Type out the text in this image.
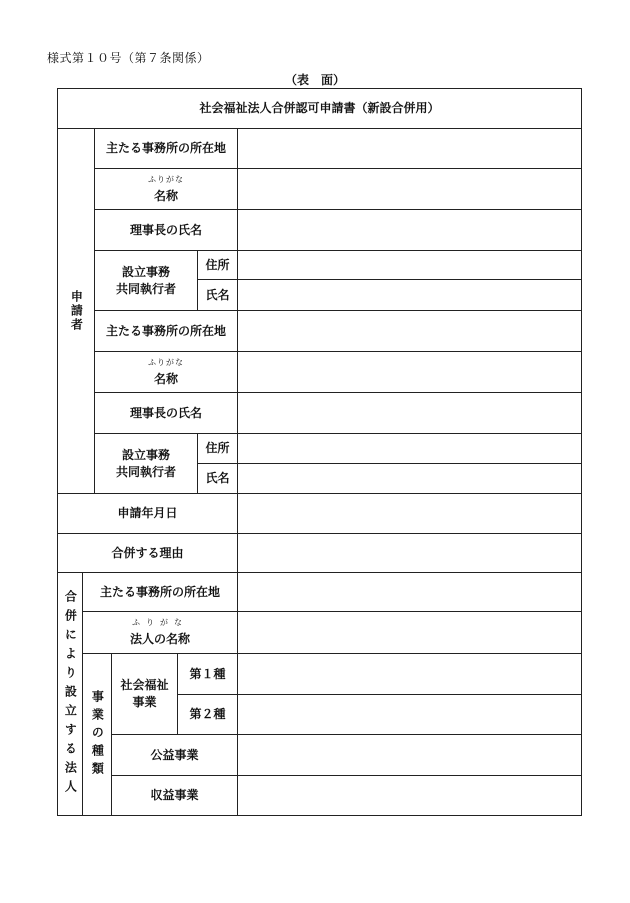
様式第１０号（第７条関係）
（表　面）
社会福祉法人合併認可申請書（新設合併用）
申請者
主たる事務所の所在地
ふりがな
名称
理事長の氏名
設立事務
共同執行者
住所
氏名
主たる事務所の所在地
ふりがな
名称
理事長の氏名
設立事務
共同執行者
住所
氏名
申請年月日
合併する理由
合併により設立する法人	主たる事務所の所在地
ふりがな
法人の名称
事業の種類
社会福祉
事業
第１種
第２種
公益事業
収益事業
